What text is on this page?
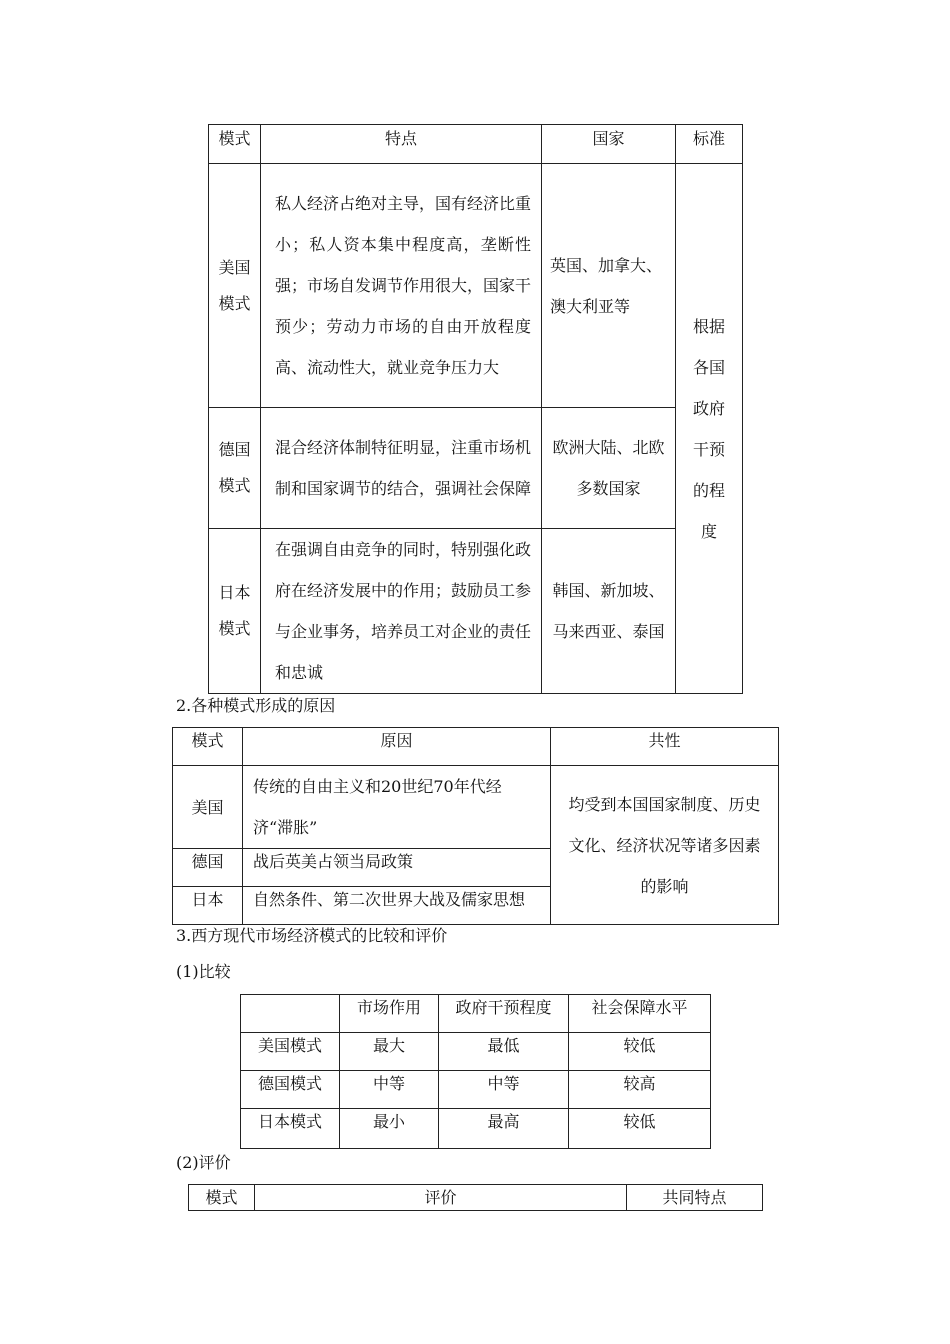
模式	特点	国家	标准

美国模式	私人经济占绝对主导，国有经济比重小；私人资本集中程度高，垄断性强；市场自发调节作用很大，国家干预少；劳动力市场的自由开放程度高、流动性大，就业竞争压力大	英国、加拿大、澳大利亚等	根据各国政府干预的程度

德国模式	混合经济体制特征明显，注重市场机制和国家调节的结合，强调社会保障	欧洲大陆、北欧多数国家	

日本模式	在强调自由竞争的同时，特别强化政府在经济发展中的作用；鼓励员工参与企业事务，培养员工对企业的责任和忠诚	韩国、新加坡、马来西亚、泰国	
2.各种模式形成的原因
模式	原因	共性
美国	传统的自由主义和20世纪70年代经济“滞胀”	均受到本国国家制度、历史文化、经济状况等诸多因素的影响
德国	战后英美占领当局政策	
日本	自然条件、第二次世界大战及儒家思想	
3.西方现代市场经济模式的比较和评价
(1)比较
	市场作用	政府干预程度	社会保障水平
美国模式	最大	最低	较低
德国模式	中等	中等	较高
日本模式	最小	最高	较低
(2)评价
模式	评价	共同特点
